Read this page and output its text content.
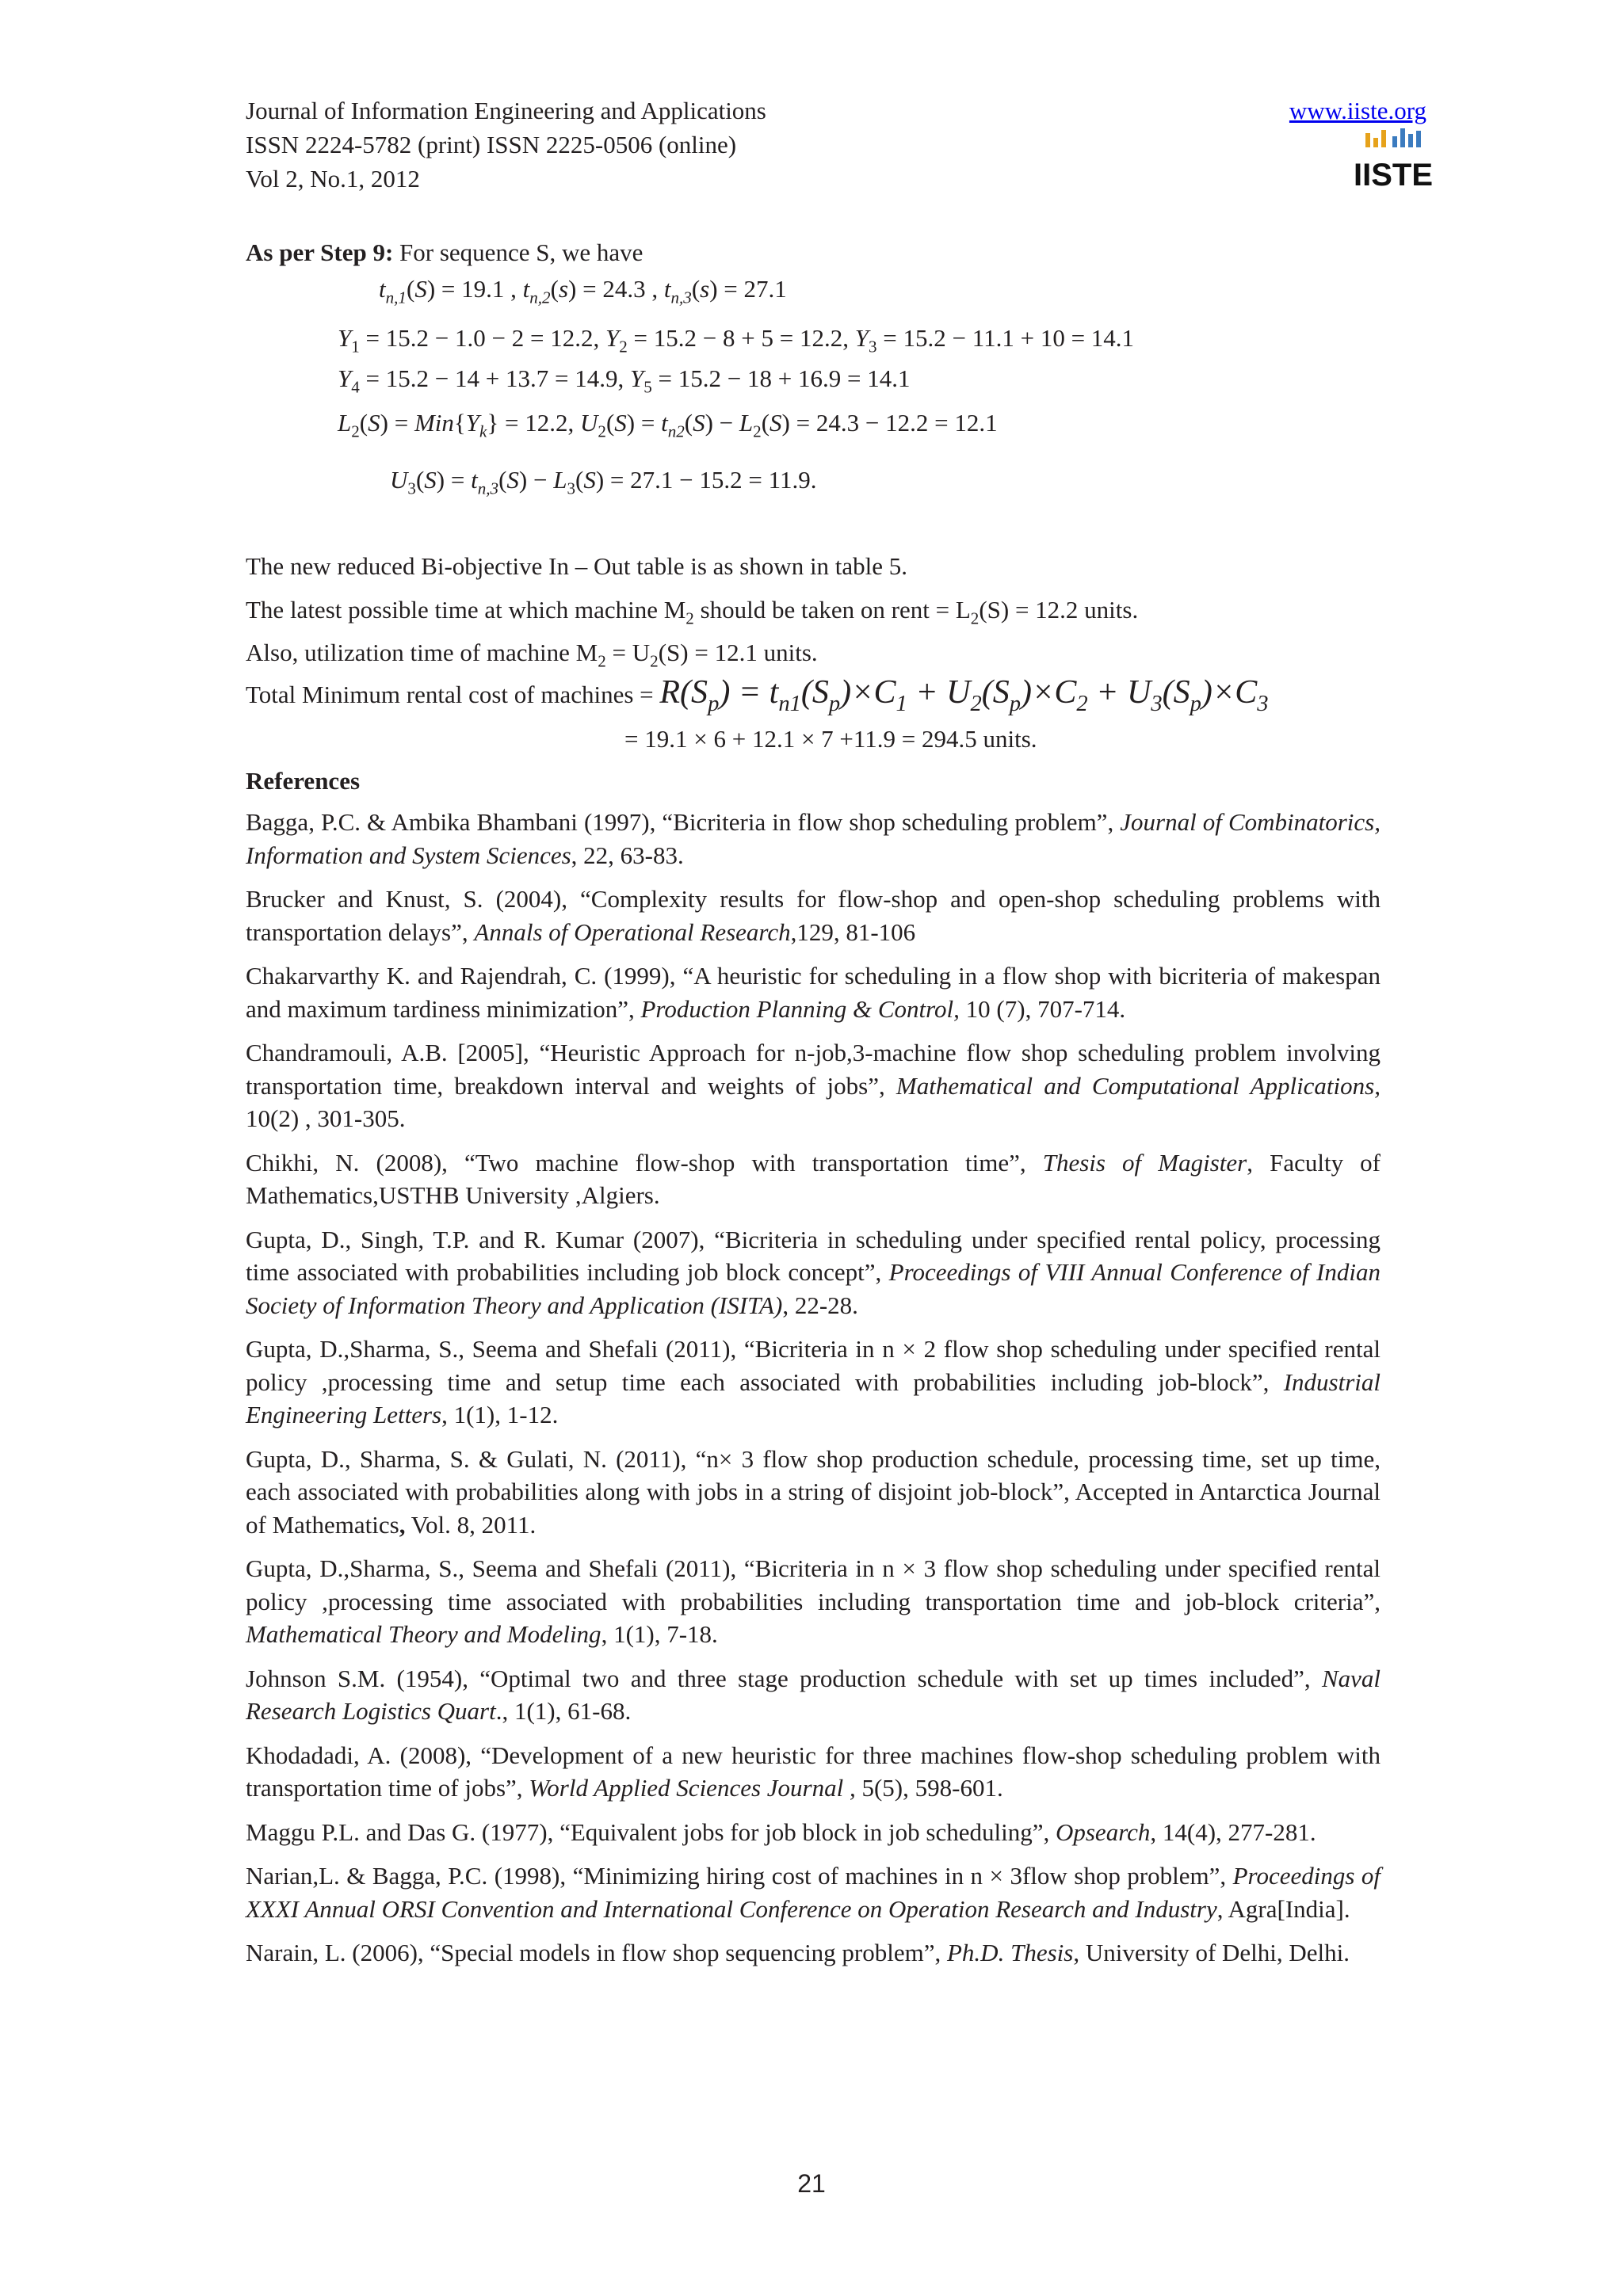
Journal of Information Engineering and Applications
ISSN 2224-5782 (print) ISSN 2225-0506 (online)
Vol 2, No.1, 2012
www.iiste.org
IISTE
As per Step 9: For sequence S, we have
$t_{n,1}(S) = 19.1$ , $t_{n,2}(s) = 24.3$ , $t_{n,3}(s) = 27.1$
$Y_1 = 15.2 - 1.0 - 2 = 12.2$, $Y_2 = 15.2 - 8 + 5 = 12.2$, $Y_3 = 15.2 - 11.1 + 10 = 14.1$
$Y_4 = 15.2 - 14 + 13.7 = 14.9$, $Y_5 = 15.2 - 18 + 16.9 = 14.1$
$L_2(S) = Min\{Y_k\} = 12.2$, $U_2(S) = t_{n2}(S) - L_2(S) = 24.3 - 12.2 = 12.1$
$U_3(S) = t_{n,3}(S) - L_3(S) = 27.1 - 15.2 = 11.9$.
The new reduced Bi-objective In – Out table is as shown in table 5.
The latest possible time at which machine $M_2$ should be taken on rent = $L_2(S) = 12.2$ units.
Also, utilization time of machine $M_2 = U_2(S) = 12.1$ units.
Total Minimum rental cost of machines = $R(S_p) = t_{n1}(S_p)\times C_1 + U_2(S_p)\times C_2 + U_3(S_p)\times C_3$
= 19.1 × 6 + 12.1 × 7 +11.9 = 294.5 units.
References

Bagga, P.C. & Ambika Bhambani (1997), “Bicriteria in flow shop scheduling problem”, Journal of Combinatorics, Information and System Sciences, 22, 63-83.

Brucker and Knust, S. (2004), “Complexity results for flow-shop and open-shop scheduling problems with transportation delays”, Annals of Operational Research,129, 81-106

Chakarvarthy K. and Rajendrah, C. (1999), “A heuristic for scheduling in a flow shop with bicriteria of makespan and maximum tardiness minimization”, Production Planning & Control, 10 (7), 707-714.

Chandramouli, A.B. [2005], “Heuristic Approach for n-job,3-machine flow shop scheduling problem involving transportation time, breakdown interval and weights of jobs”, Mathematical and Computational Applications, 10(2) , 301-305.

Chikhi, N. (2008), “Two machine flow-shop with transportation time”, Thesis of Magister, Faculty of Mathematics,USTHB University ,Algiers.

Gupta, D., Singh, T.P. and R. Kumar (2007), “Bicriteria in scheduling under specified rental policy, processing time associated with probabilities including job block concept”, Proceedings of VIII Annual Conference of Indian Society of Information Theory and Application (ISITA), 22-28.

Gupta, D.,Sharma, S., Seema and Shefali (2011), “Bicriteria in n × 2 flow shop scheduling under specified rental policy ,processing time and setup time each associated with probabilities including job-block”, Industrial Engineering Letters, 1(1), 1-12.

Gupta, D., Sharma, S. & Gulati, N. (2011), “n× 3 flow shop production schedule, processing time, set up time, each associated with probabilities along with jobs in a string of disjoint job-block”, Accepted in Antarctica Journal of Mathematics, Vol. 8, 2011.

Gupta, D.,Sharma, S., Seema and Shefali (2011), “Bicriteria in n × 3 flow shop scheduling under specified rental policy ,processing time associated with probabilities including transportation time and job-block criteria”, Mathematical Theory and Modeling, 1(1), 7-18.

Johnson S.M. (1954), “Optimal two and three stage production schedule with set up times included”, Naval Research Logistics Quart., 1(1), 61-68.

Khodadadi, A. (2008), “Development of a new heuristic for three machines flow-shop scheduling problem with transportation time of jobs”, World Applied Sciences Journal , 5(5), 598-601.

Maggu P.L. and Das G. (1977), “Equivalent jobs for job block in job scheduling”, Opsearch, 14(4), 277-281.

Narian,L. & Bagga, P.C. (1998), “Minimizing hiring cost of machines in n × 3flow shop problem”, Proceedings of XXXI Annual ORSI Convention and International Conference on Operation Research and Industry, Agra[India].

Narain, L. (2006), “Special models in flow shop sequencing problem”, Ph.D. Thesis, University of Delhi, Delhi.

21
